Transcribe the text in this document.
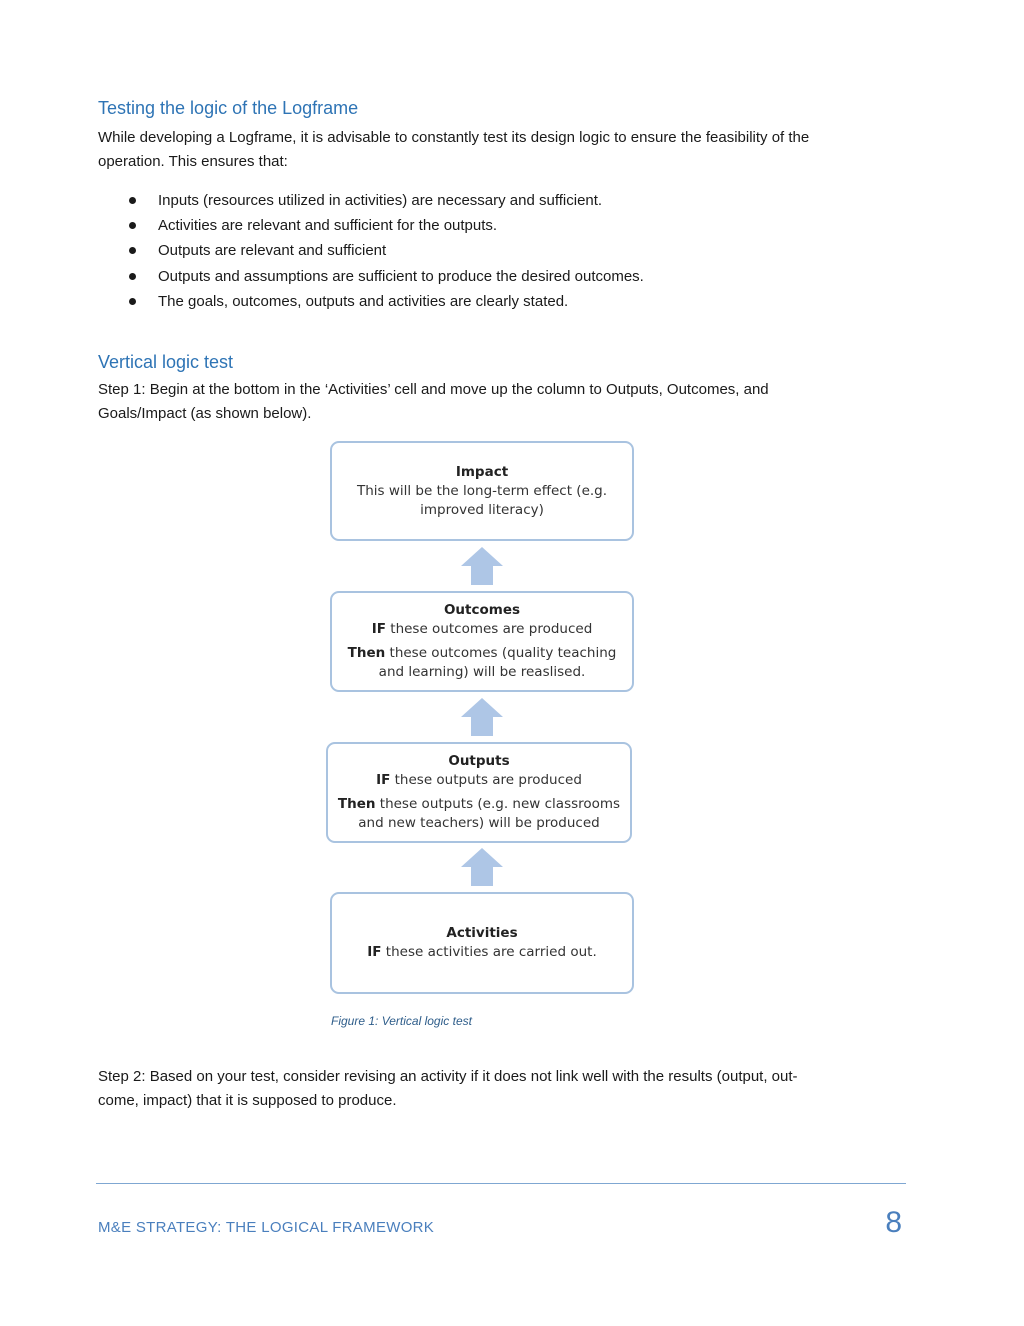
Testing the logic of the Logframe

While developing a Logframe, it is advisable to constantly test its design logic to ensure the feasibility of the
operation. This ensures that:

Inputs (resources utilized in activities) are necessary and sufficient.
Activities are relevant and sufficient for the outputs.
Outputs are relevant and sufficient
Outputs and assumptions are sufficient to produce the desired outcomes.
The goals, outcomes, outputs and activities are clearly stated.
Vertical logic test

Step 1: Begin at the bottom in the ‘Activities’ cell and move up the column to Outputs, Outcomes, and
Goals/Impact (as shown below).

Impact
This will be the long-term effect (e.g.
improved literacy)
Outcomes
IF these outcomes are produced
Then these outcomes (quality teaching
and learning) will be reaslised.
Outputs
IF these outputs are produced
Then these outputs (e.g. new classrooms
and new teachers) will be produced
Activities
IF these activities are carried out.

Figure 1: Vertical logic test

Step 2: Based on your test, consider revising an activity if it does not link well with the results (output, out-
come, impact) that it is supposed to produce.

M&E STRATEGY: THE LOGICAL FRAMEWORK	8
